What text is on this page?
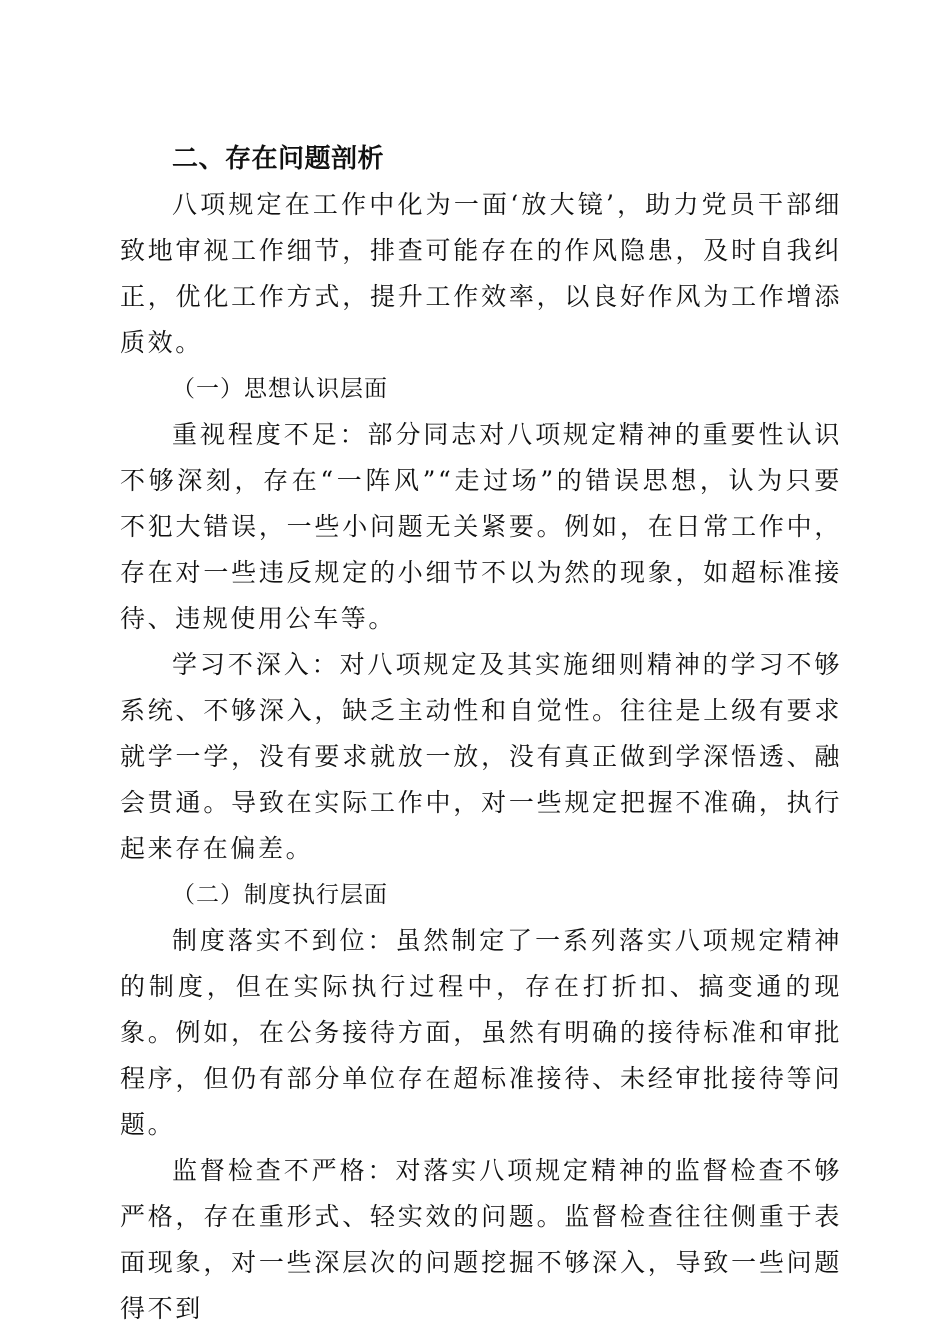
二、存在问题剖析

八项规定在工作中化为一面‘放大镜’，助力党员干部细致地审视工作细节，排查可能存在的作风隐患，及时自我纠正，优化工作方式，提升工作效率，以良好作风为工作增添质效。

（一）思想认识层面

重视程度不足：部分同志对八项规定精神的重要性认识不够深刻，存在“一阵风”“走过场”的错误思想，认为只要不犯大错误，一些小问题无关紧要。例如，在日常工作中，存在对一些违反规定的小细节不以为然的现象，如超标准接待、违规使用公车等。

学习不深入：对八项规定及其实施细则精神的学习不够系统、不够深入，缺乏主动性和自觉性。往往是上级有要求就学一学，没有要求就放一放，没有真正做到学深悟透、融会贯通。导致在实际工作中，对一些规定把握不准确，执行起来存在偏差。

（二）制度执行层面

制度落实不到位：虽然制定了一系列落实八项规定精神的制度，但在实际执行过程中，存在打折扣、搞变通的现象。例如，在公务接待方面，虽然有明确的接待标准和审批程序，但仍有部分单位存在超标准接待、未经审批接待等问题。

监督检查不严格：对落实八项规定精神的监督检查不够严格，存在重形式、轻实效的问题。监督检查往往侧重于表面现象，对一些深层次的问题挖掘不够深入，导致一些问题得不到
